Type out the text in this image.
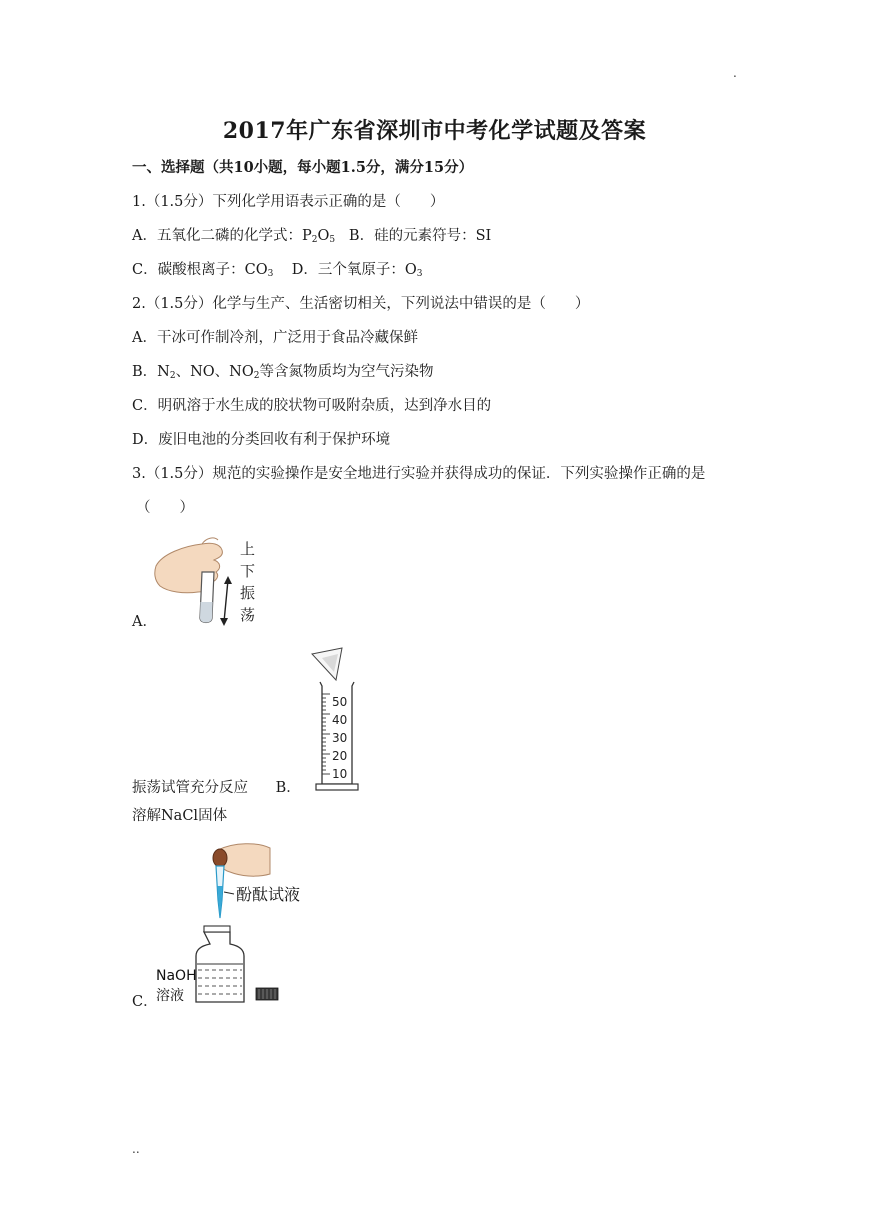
.
2017年广东省深圳市中考化学试题及答案
一、选择题（共10小题，每小题1.5分，满分15分）
1.（1.5分）下列化学用语表示正确的是（　　）
A．五氧化二磷的化学式：$P_2O_5$ B．硅的元素符号：SI
C．碳酸根离子：$CO_3$ D．三个氧原子：$O_3$
2.（1.5分）化学与生产、生活密切相关，下列说法中错误的是（　　）
A．干冰可作制冷剂，广泛用于食品冷藏保鲜
B．$N_2$、NO、$NO_2$等含氮物质均为空气污染物
C．明矾溶于水生成的胶状物可吸附杂质，达到净水目的
D．废旧电池的分类回收有利于保护环境
3.（1.5分）规范的实验操作是安全地进行实验并获得成功的保证．下列实验操作正确的是
（　　）
A．
上
下
振
荡
50
40
30
20
10
振荡试管充分反应 B．
溶解NaCl固体
C．
酚酞试液
NaOH
溶液
..
